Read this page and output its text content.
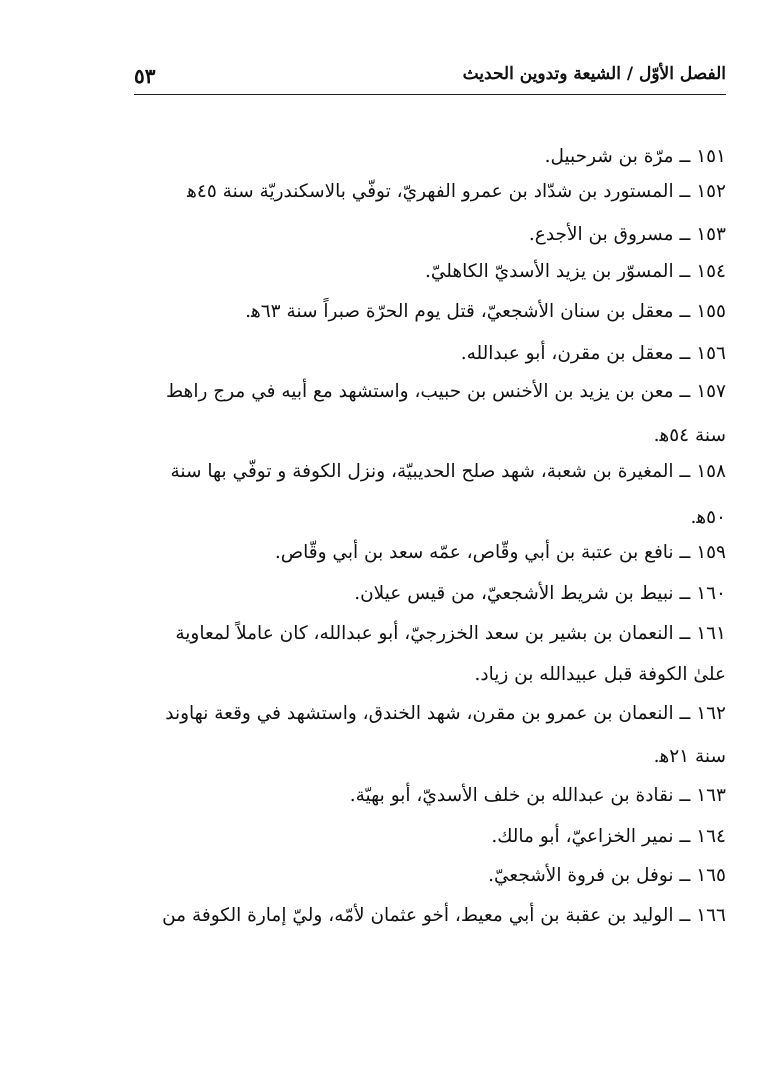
الفصل الأوّل / الشيعة وتدوين الحديث
٥٣
١٥١ ــ مرّة بن شرحبيل.
١٥٢ ــ المستورد بن شدّاد بن عمرو الفهريّ، توفّي بالاسكندريّة سنة ٤٥ﻫ
١٥٣ ــ مسروق بن الأجدع.
١٥٤ ــ المسوّر بن يزيد الأسديّ الكاهليّ.
١٥٥ ــ معقل بن سنان الأشجعيّ، قتل يوم الحرّة صبراً سنة ٦٣ﻫ.
١٥٦ ــ معقل بن مقرن، أبو عبدالله.
١٥٧ ــ معن بن يزيد بن الأخنس بن حبيب، واستشهد مع أبيه في مرج راهط
سنة ٥٤ﻫ.
١٥٨ ــ المغيرة بن شعبة، شهد صلح الحديبيّة، ونزل الكوفة و توفّي بها سنة
٥٠ﻫ.
١٥٩ ــ نافع بن عتبة بن أبي وقّاص، عمّه سعد بن أبي وقّاص.
١٦٠ ــ نبيط بن شريط الأشجعيّ، من قيس عيلان.
١٦١ ــ النعمان بن بشير بن سعد الخزرجيّ، أبو عبدالله، كان عاملاً لمعاوية
علىٰ الكوفة قبل عبيدالله بن زياد.
١٦٢ ــ النعمان بن عمرو بن مقرن، شهد الخندق، واستشهد في وقعة نهاوند
سنة ٢١ﻫ.
١٦٣ ــ نقادة بن عبدالله بن خلف الأسديّ، أبو بهيّة.
١٦٤ ــ نمير الخزاعيّ، أبو مالك.
١٦٥ ــ نوفل بن فروة الأشجعيّ.
١٦٦ ــ الوليد بن عقبة بن أبي معيط، أخو عثمان لأمّه، وليّ إمارة الكوفة من
